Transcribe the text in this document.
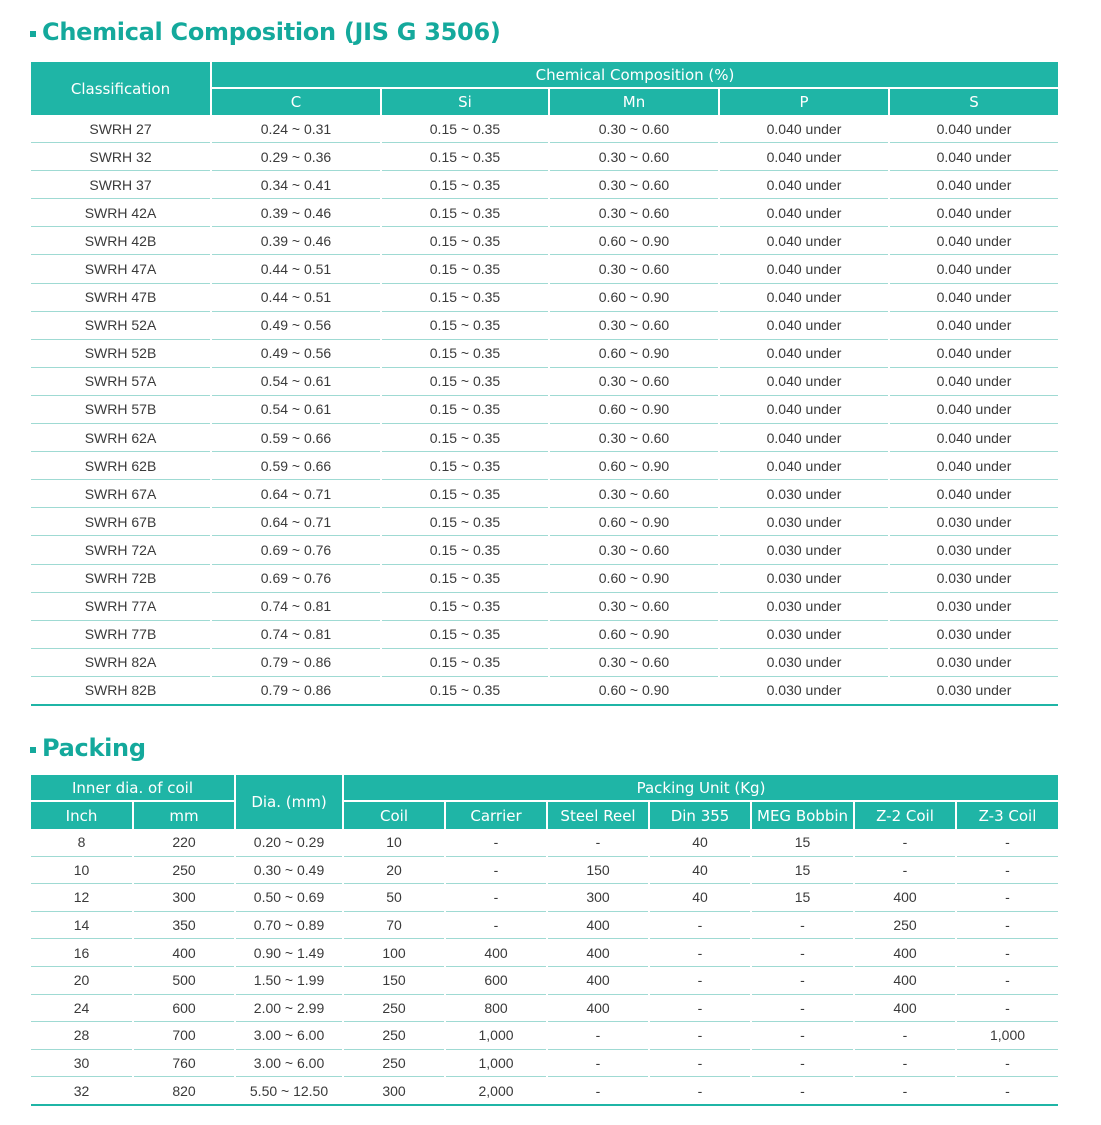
Chemical Composition (JIS G 3506)
Classification	Chemical Composition (%)				
	C	Si	Mn	P	S
SWRH 27	0.24 ~ 0.31	0.15 ~ 0.35	0.30 ~ 0.60	0.040 under	0.040 under
SWRH 32	0.29 ~ 0.36	0.15 ~ 0.35	0.30 ~ 0.60	0.040 under	0.040 under
SWRH 37	0.34 ~ 0.41	0.15 ~ 0.35	0.30 ~ 0.60	0.040 under	0.040 under
SWRH 42A	0.39 ~ 0.46	0.15 ~ 0.35	0.30 ~ 0.60	0.040 under	0.040 under
SWRH 42B	0.39 ~ 0.46	0.15 ~ 0.35	0.60 ~ 0.90	0.040 under	0.040 under
SWRH 47A	0.44 ~ 0.51	0.15 ~ 0.35	0.30 ~ 0.60	0.040 under	0.040 under
SWRH 47B	0.44 ~ 0.51	0.15 ~ 0.35	0.60 ~ 0.90	0.040 under	0.040 under
SWRH 52A	0.49 ~ 0.56	0.15 ~ 0.35	0.30 ~ 0.60	0.040 under	0.040 under
SWRH 52B	0.49 ~ 0.56	0.15 ~ 0.35	0.60 ~ 0.90	0.040 under	0.040 under
SWRH 57A	0.54 ~ 0.61	0.15 ~ 0.35	0.30 ~ 0.60	0.040 under	0.040 under
SWRH 57B	0.54 ~ 0.61	0.15 ~ 0.35	0.60 ~ 0.90	0.040 under	0.040 under
SWRH 62A	0.59 ~ 0.66	0.15 ~ 0.35	0.30 ~ 0.60	0.040 under	0.040 under
SWRH 62B	0.59 ~ 0.66	0.15 ~ 0.35	0.60 ~ 0.90	0.040 under	0.040 under
SWRH 67A	0.64 ~ 0.71	0.15 ~ 0.35	0.30 ~ 0.60	0.030 under	0.040 under
SWRH 67B	0.64 ~ 0.71	0.15 ~ 0.35	0.60 ~ 0.90	0.030 under	0.030 under
SWRH 72A	0.69 ~ 0.76	0.15 ~ 0.35	0.30 ~ 0.60	0.030 under	0.030 under
SWRH 72B	0.69 ~ 0.76	0.15 ~ 0.35	0.60 ~ 0.90	0.030 under	0.030 under
SWRH 77A	0.74 ~ 0.81	0.15 ~ 0.35	0.30 ~ 0.60	0.030 under	0.030 under
SWRH 77B	0.74 ~ 0.81	0.15 ~ 0.35	0.60 ~ 0.90	0.030 under	0.030 under
SWRH 82A	0.79 ~ 0.86	0.15 ~ 0.35	0.30 ~ 0.60	0.030 under	0.030 under
SWRH 82B	0.79 ~ 0.86	0.15 ~ 0.35	0.60 ~ 0.90	0.030 under	0.030 under
Packing
Inner dia. of coil		Dia. (mm)	Packing Unit (Kg)						
Inch	mm		Coil	Carrier	Steel Reel	Din 355	MEG Bobbin	Z-2 Coil	Z-3 Coil
8	220	0.20 ~ 0.29	10	-	-	40	15	-	-
10	250	0.30 ~ 0.49	20	-	150	40	15	-	-
12	300	0.50 ~ 0.69	50	-	300	40	15	400	-
14	350	0.70 ~ 0.89	70	-	400	-	-	250	-
16	400	0.90 ~ 1.49	100	400	400	-	-	400	-
20	500	1.50 ~ 1.99	150	600	400	-	-	400	-
24	600	2.00 ~ 2.99	250	800	400	-	-	400	-
28	700	3.00 ~ 6.00	250	1,000	-	-	-	-	1,000
30	760	3.00 ~ 6.00	250	1,000	-	-	-	-	-
32	820	5.50 ~ 12.50	300	2,000	-	-	-	-	-
